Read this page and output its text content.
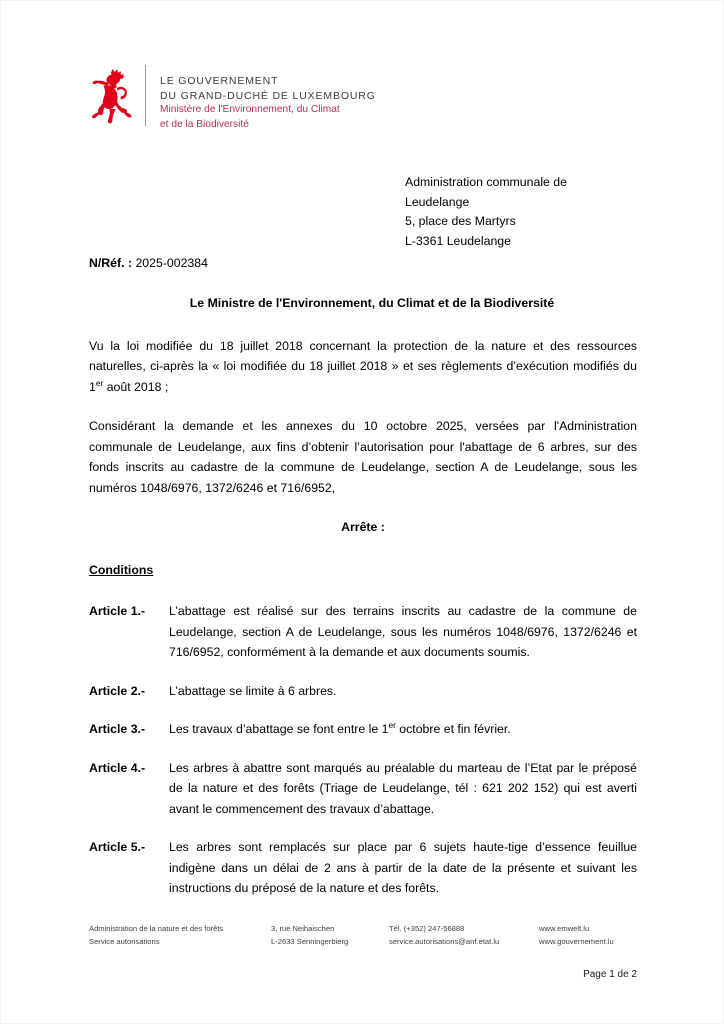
LE GOUVERNEMENT
DU GRAND-DUCHÉ DE LUXEMBOURG
Ministère de l'Environnement, du Climat
et de la Biodiversité
Administration communale de
Leudelange
5, place des Martyrs
L-3361 Leudelange
N/Réf. : 2025-002384
Le Ministre de l'Environnement, du Climat et de la Biodiversité

Vu la loi modifiée du 18 juillet 2018 concernant la protection de la nature et des ressources naturelles, ci-après la « loi modifiée du 18 juillet 2018 » et ses règlements d’exécution modifiés du 1er août 2018 ;

Considérant la demande et les annexes du 10 octobre 2025, versées par l'Administration communale de Leudelange, aux fins d’obtenir l’autorisation pour l'abattage de 6 arbres, sur des fonds inscrits au cadastre de la commune de Leudelange, section A de Leudelange, sous les numéros 1048/6976, 1372/6246 et 716/6952,

Arrête :
Conditions
Article 1.-	L’abattage est réalisé sur des terrains inscrits au cadastre de la commune de Leudelange, section A de Leudelange, sous les numéros 1048/6976, 1372/6246 et 716/6952, conformément à la demande et aux documents soumis.
Article 2.-	L’abattage se limite à 6 arbres.
Article 3.-	Les travaux d’abattage se font entre le 1er octobre et fin février.
Article 4.-	Les arbres à abattre sont marqués au préalable du marteau de l’Etat par le préposé de la nature et des forêts (Triage de Leudelange, tél : 621 202 152) qui est averti avant le commencement des travaux d’abattage.
Article 5.-	Les arbres sont remplacés sur place par 6 sujets haute-tige d’essence feuillue indigène dans un délai de 2 ans à partir de la date de la présente et suivant les instructions du préposé de la nature et des forêts.
Administration de la nature et des forêts
Service autorisations
3, rue Neihaischen
L-2633 Senningerbierg
Tél. (+352) 247-56888
service.autorisations@anf.etat.lu
www.emwelt.lu
www.gouvernement.lu
Page 1 de 2
